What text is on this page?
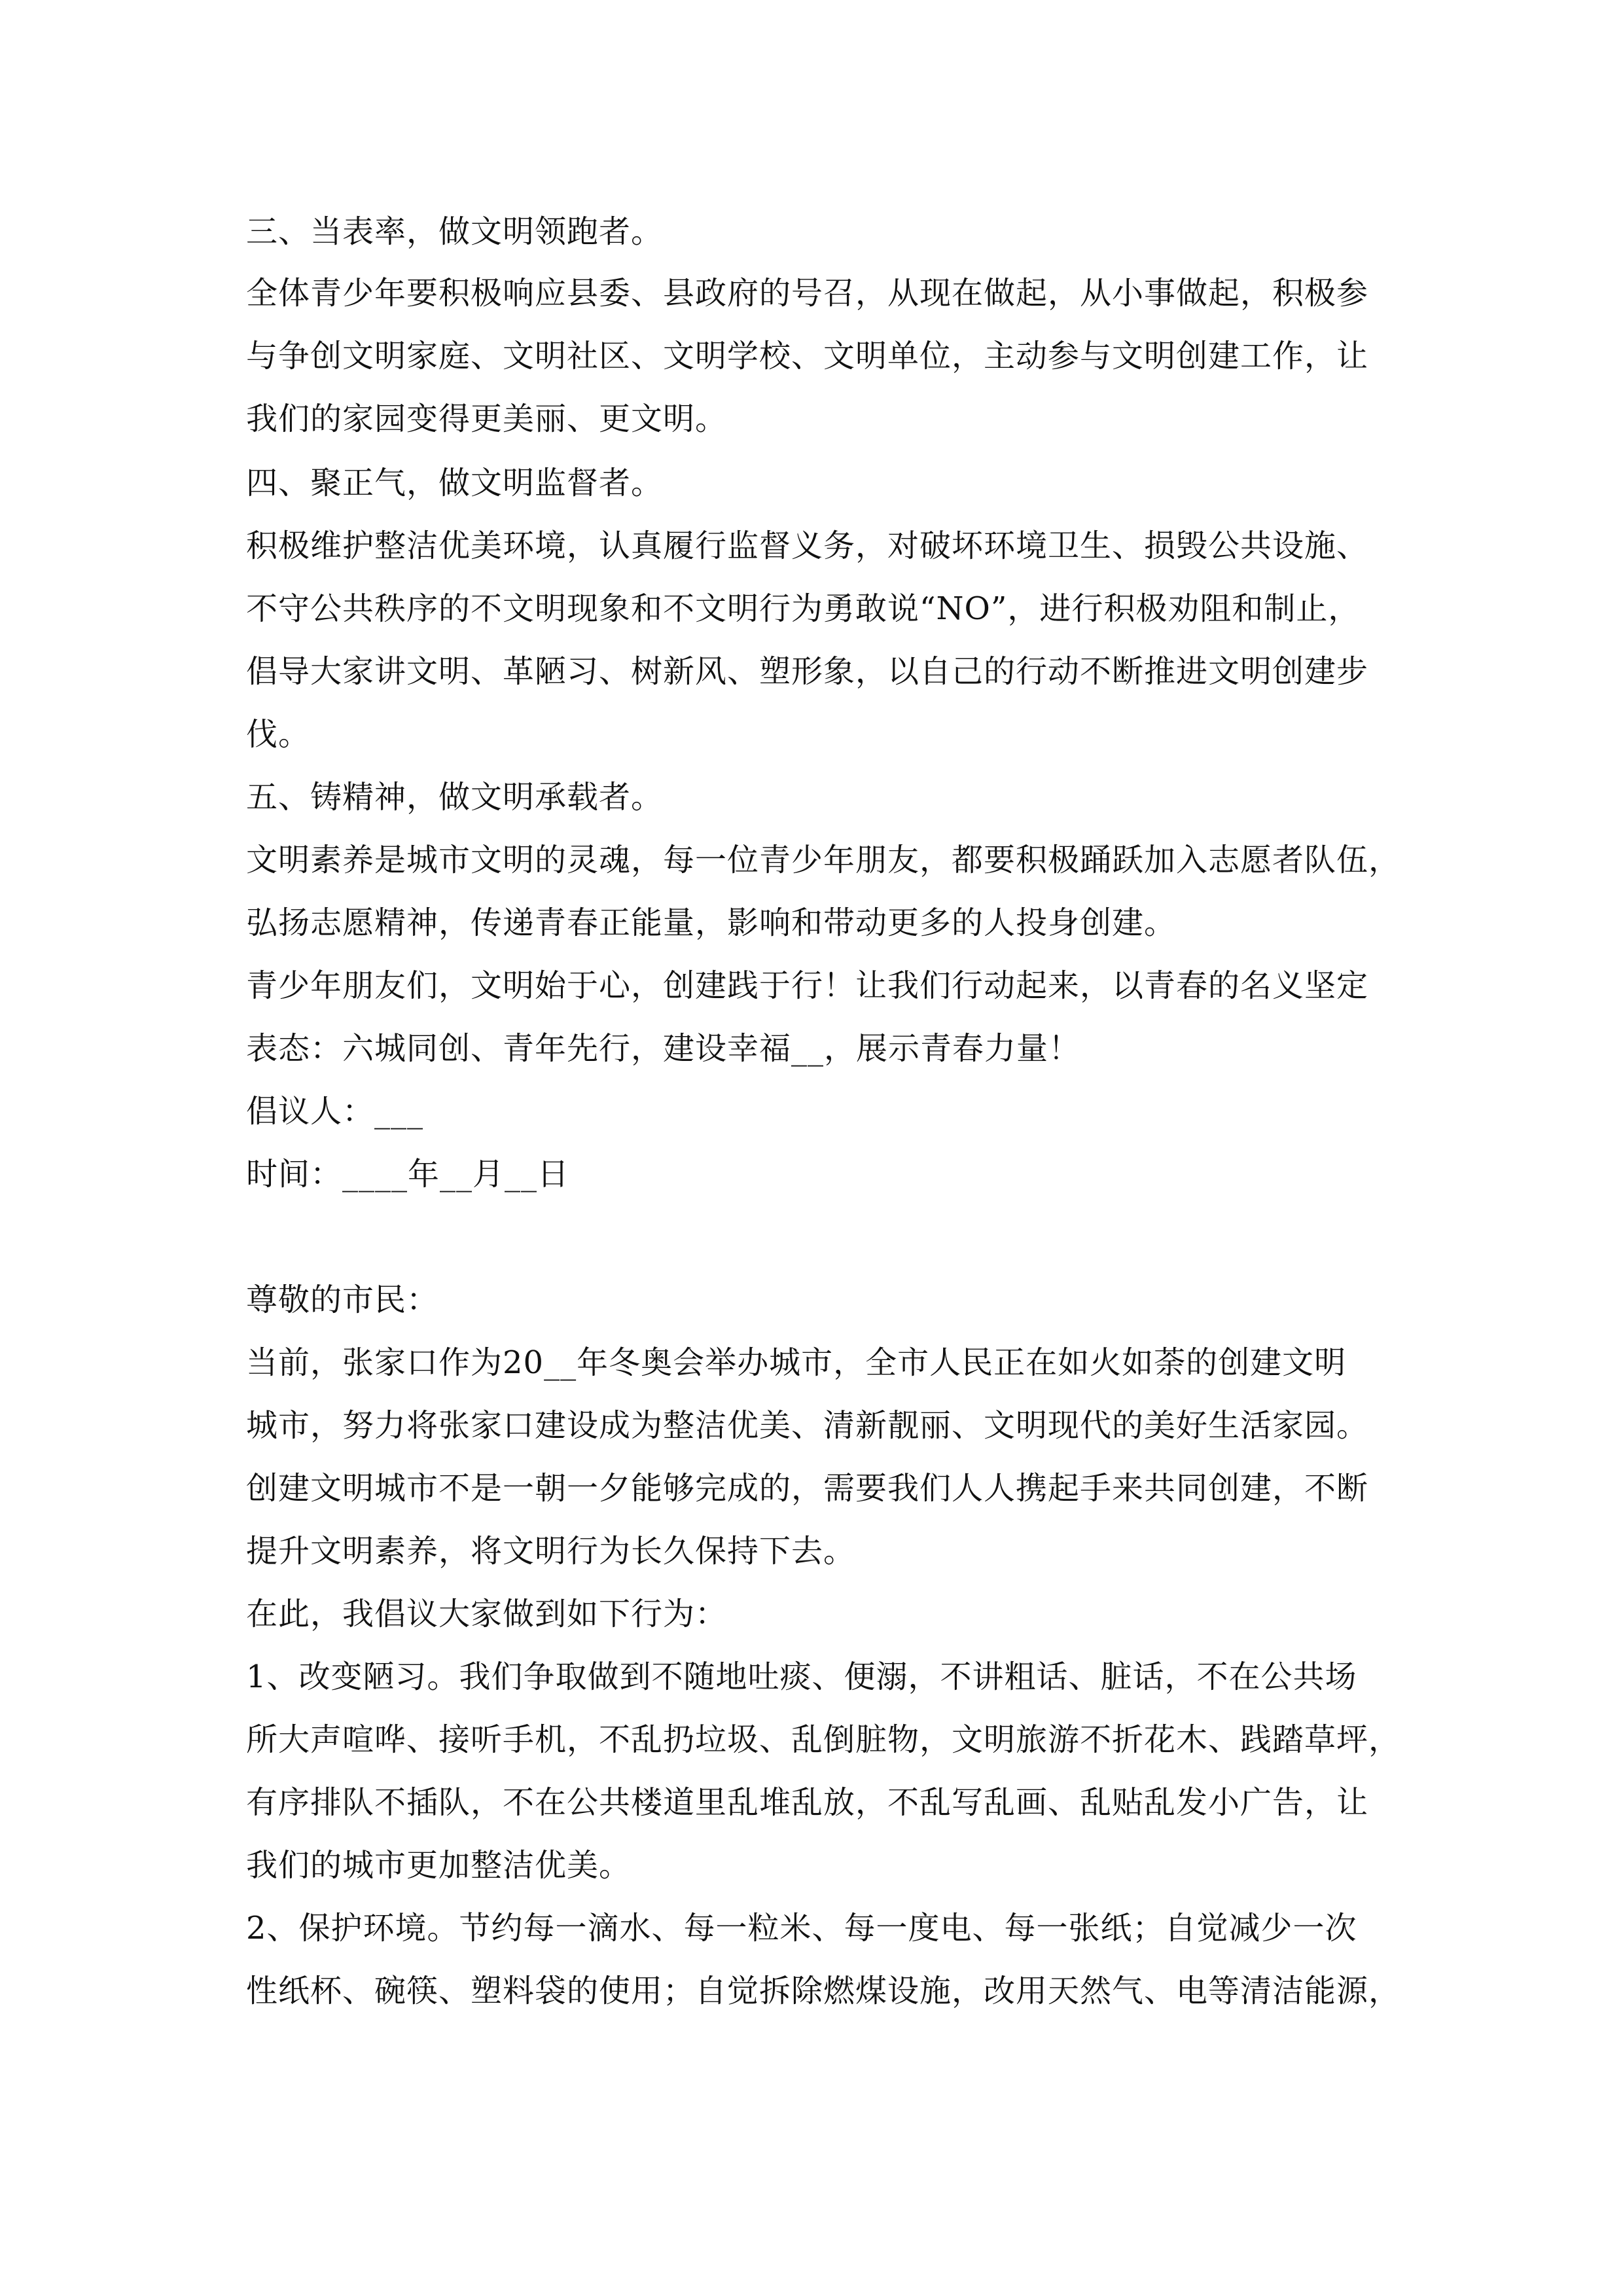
三、当表率，做文明领跑者。
全体青少年要积极响应县委、县政府的号召，从现在做起，从小事做起，积极参
与争创文明家庭、文明社区、文明学校、文明单位，主动参与文明创建工作，让
我们的家园变得更美丽、更文明。
四、聚正气，做文明监督者。
积极维护整洁优美环境，认真履行监督义务，对破坏环境卫生、损毁公共设施、
不守公共秩序的不文明现象和不文明行为勇敢说“NO”，进行积极劝阻和制止，
倡导大家讲文明、革陋习、树新风、塑形象，以自己的行动不断推进文明创建步
伐。
五、铸精神，做文明承载者。
文明素养是城市文明的灵魂，每一位青少年朋友，都要积极踊跃加入志愿者队伍，
弘扬志愿精神，传递青春正能量，影响和带动更多的人投身创建。
青少年朋友们，文明始于心，创建践于行！让我们行动起来，以青春的名义坚定
表态：六城同创、青年先行，建设幸福__，展示青春力量！
倡议人：___
时间：____年__月__日
尊敬的市民：
当前，张家口作为20__年冬奥会举办城市，全市人民正在如火如荼的创建文明
城市，努力将张家口建设成为整洁优美、清新靓丽、文明现代的美好生活家园。
创建文明城市不是一朝一夕能够完成的，需要我们人人携起手来共同创建，不断
提升文明素养，将文明行为长久保持下去。
在此，我倡议大家做到如下行为：
1、改变陋习。我们争取做到不随地吐痰、便溺，不讲粗话、脏话，不在公共场
所大声喧哗、接听手机，不乱扔垃圾、乱倒脏物，文明旅游不折花木、践踏草坪，
有序排队不插队，不在公共楼道里乱堆乱放，不乱写乱画、乱贴乱发小广告，让
我们的城市更加整洁优美。
2、保护环境。节约每一滴水、每一粒米、每一度电、每一张纸；自觉减少一次
性纸杯、碗筷、塑料袋的使用；自觉拆除燃煤设施，改用天然气、电等清洁能源，
